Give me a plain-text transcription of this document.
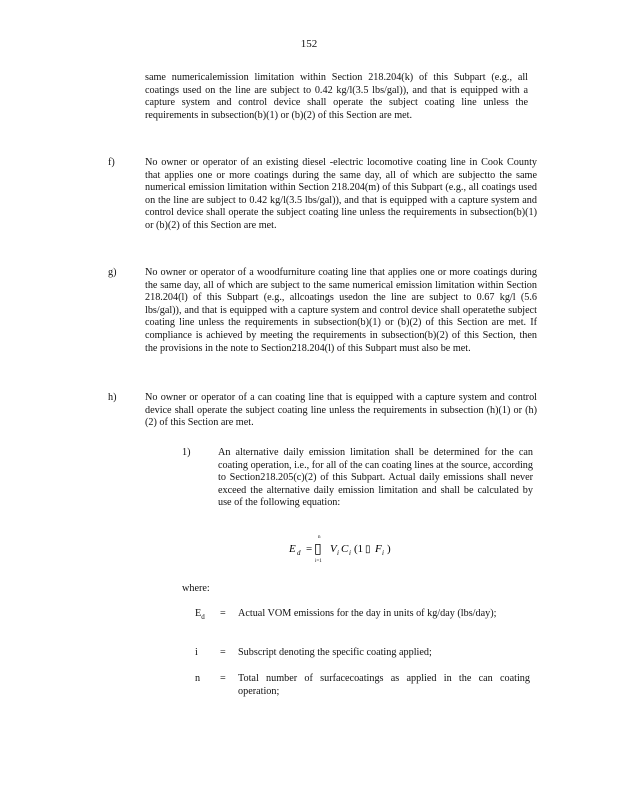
152
same numericalemission limitation within Section 218.204(k) of this Subpart (e.g., all coatings used on the line are subject to 0.42 kg/l(3.5 lbs/gal)), and that is equipped with a capture system and control device shall operate the subject coating line unless the requirements in subsection(b)(1) or (b)(2) of this Section are met.
f)	No owner or operator of an existing diesel -electric locomotive coating line in Cook County that applies one or more coatings during the same day, all of which are subjectto the same numerical emission limitation within Section 218.204(m) of this Subpart (e.g., all coatings used on the line are subject to 0.42 kg/l(3.5 lbs/gal)), and that is equipped with a capture system and control device shall operate the subject coating line unless the requirements in subsection(b)(1) or (b)(2) of this Section are met.
g)	No owner or operator of a woodfurniture coating line that applies one or more coatings during the same day, all of which are subject to the same numerical emission limitation within Section 218.204(l) of this Subpart (e.g., allcoatings usedon the line are subject to 0.67 kg/l (5.6 lbs/gal)), and that is equipped with a capture system and control device shall operatethe subject coating line unless the requirements in subsection(b)(1) or (b)(2) of this Section are met. If compliance is achieved by meeting the requirements in subsection(b)(2) of this Section, then the provisions in the note to Section218.204(l) of this Subpart must also be met.
h)	No owner or operator of a can coating line that is equipped with a capture system and control device shall operate the subject coating line unless the requirements in subsection (h)(1) or (h)(2) of this Section are met.
1)	An alternative daily emission limitation shall be determined for the can coating operation, i.e., for all of the can coating lines at the source, according to Section218.205(c)(2) of this Subpart. Actual daily emissions shall never exceed the alternative daily emission limitation and shall be calculated by use of the following equation:
E d =
n
▯
i=1
V i C i (1 ▯ F i )
where:
$E_d$	=	Actual VOM emissions for the day in units of kg/day (lbs/day);
i	=	Subscript denoting the specific coating applied;
n	=	Total number of surfacecoatings as applied in the can coating operation;
